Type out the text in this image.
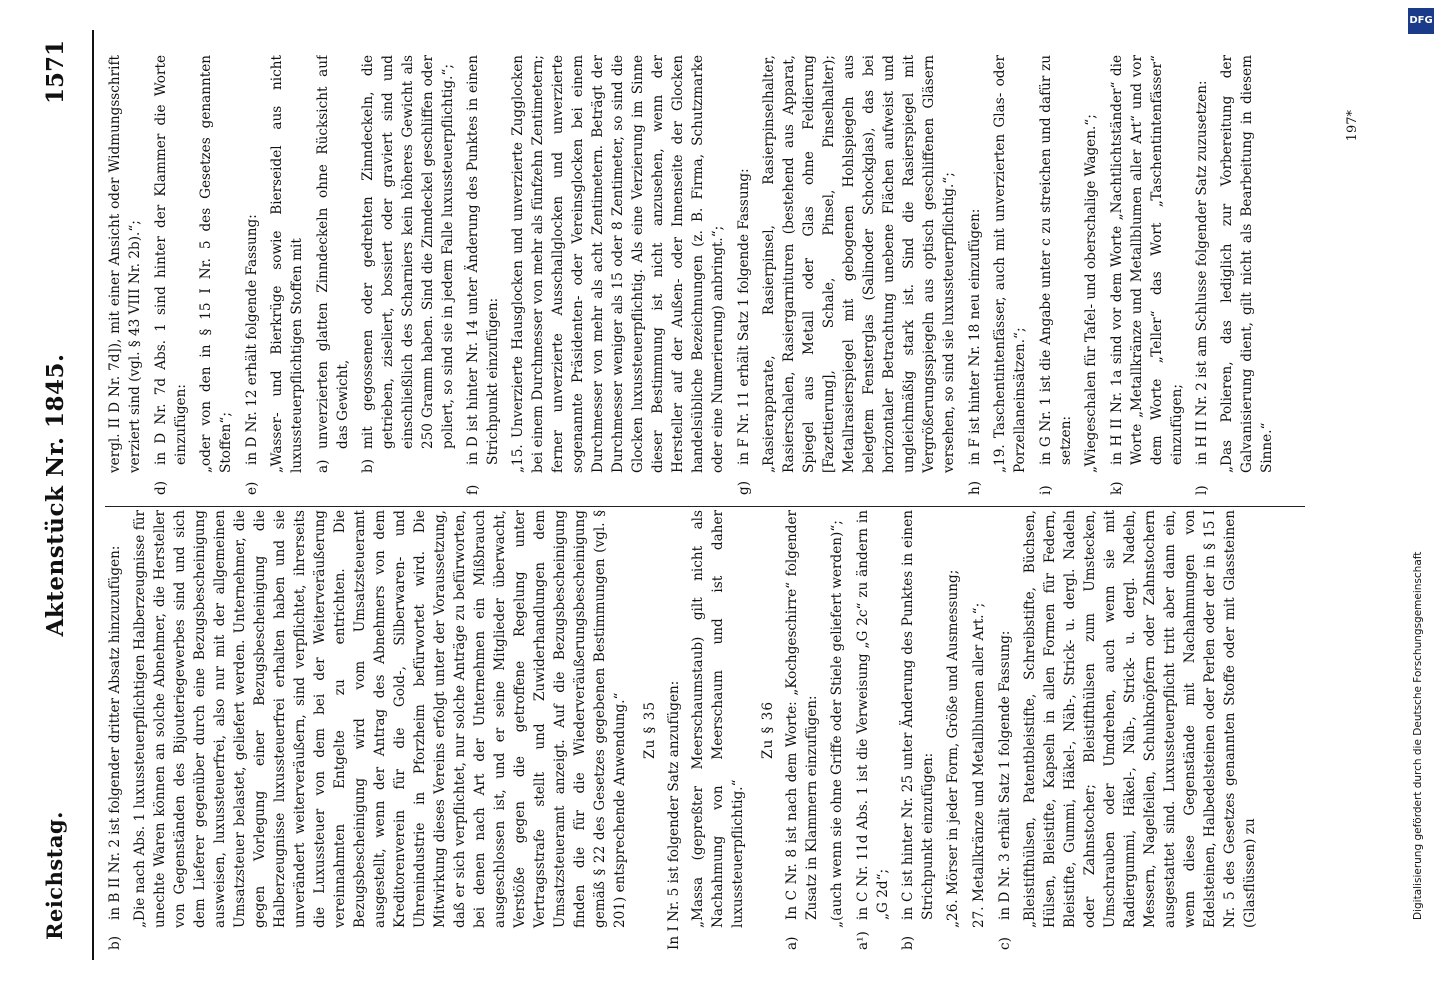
Reichstag.
Aktenstück Nr. 1845.
1571
b)
in B II Nr. 2 ist folgender dritter Absatz hinzuzufügen: „Die nach Abs. 1 luxussteuerpflichtigen Halberzeugnisse für unechte Waren können an solche Abnehmer, die Hersteller von Gegenständen des Bijouteriegewerbes sind und sich dem Lieferer gegenüber durch eine Bezugsbescheinigung ausweisen, luxussteuerfrei, also nur mit der allgemeinen Umsatzsteuer belastet, geliefert werden. Unternehmer, die gegen Vorlegung einer Bezugsbescheinigung die Halberzeugnisse luxussteuerfrei erhalten haben und sie unverändert weiterveräußern, sind verpflichtet, ihrerseits die Luxussteuer von dem bei der Weiterveräußerung vereinnahmten Entgelte zu entrichten. Die Bezugsbescheinigung wird vom Umsatzsteueramt ausgestellt, wenn der Antrag des Abnehmers von dem Kreditorenverein für die Gold-, Silberwaren- und Uhrenindustrie in Pforzheim befürwortet wird. Die Mitwirkung dieses Vereins erfolgt unter der Voraussetzung, daß er sich verpflichtet, nur solche Anträge zu befürworten, bei denen nach Art der Unternehmen ein Mißbrauch ausgeschlossen ist, und er seine Mitglieder überwacht, Verstöße gegen die getroffene Regelung unter Vertragsstrafe stellt und Zuwiderhandlungen dem Umsatzsteueramt anzeigt. Auf die Bezugsbescheinigung finden die für die Wiederveräußerungsbescheinigung gemäß § 22 des Gesetzes gegebenen Bestimmungen (vgl. § 201) entsprechende Anwendung.“ Zu § 35 In I Nr. 5 ist folgender Satz anzufügen: „Massa (gepreßter Meerschaumstaub) gilt nicht als Nachahmung von Meerschaum und ist daher luxussteuerpflichtig.“
Zu § 36
a)
In C Nr. 8 ist nach dem Worte: „Kochgeschirre“ folgender Zusatz in Klammern einzufügen: „(auch wenn sie ohne Griffe oder Stiele geliefert werden)“;
a¹)
in C Nr. 11d Abs. 1 ist die Verweisung „G 2c“ zu ändern in „G 2d“;
b)
in C ist hinter Nr. 25 unter Änderung des Punktes in einen Strichpunkt einzufügen: „26. Mörser in jeder Form, Größe und Ausmessung; 27. Metallkränze und Metallblumen aller Art.“;
c)
in D Nr. 3 erhält Satz 1 folgende Fassung: „Bleistifthülsen, Patentbleistifte, Schreibstifte, Büchsen, Hülsen, Bleistifte, Kapseln in allen Formen für Federn, Bleistifte, Gummi, Häkel-, Näh-, Strick- u. dergl. Nadeln oder Zahnstocher; Bleistifthülsen zum Umstecken, Umschrauben oder Umdrehen, auch wenn sie mit Radiergummi, Häkel-, Näh-, Strick- u. dergl. Nadeln, Messern, Nagelfeilen, Schuhknöpfern oder Zahnstochern ausgestattet sind. Luxussteuerpflicht tritt aber dann ein, wenn diese Gegenstände mit Nachahmungen von Edelsteinen, Halbedelsteinen oder Perlen oder der in § 15 I Nr. 5 des Gesetzes genannten Stoffe oder mit Glassteinen (Glasflüssen) zu
vergl. II D Nr. 7d]), mit einer Ansicht oder Widmungsschrift verziert sind (vgl. § 43 VIII Nr. 2b).“;
d)
in D Nr. 7d Abs. 1 sind hinter der Klammer die Worte einzufügen: „oder von den in § 15 I Nr. 5 des Gesetzes genannten Stoffen“;
e)
in D Nr. 12 erhält folgende Fassung: „Wasser- und Bierkrüge sowie Bierseidel aus nicht luxussteuerpflichtigen Stoffen mit a)
unverzierten glatten Zinndeckeln ohne Rücksicht auf das Gewicht,
b)
mit gegossenen oder gedrehten Zinndeckeln, die getrieben, ziseliert, bossiert oder graviert sind und einschließlich des Scharniers kein höheres Gewicht als 250 Gramm haben. Sind die Zinndeckel geschliffen oder poliert, so sind sie in jedem Falle luxussteuerpflichtig.“;
f)
in D ist hinter Nr. 14 unter Änderung des Punktes in einen Strichpunkt einzufügen: „15. Unverzierte Hausglocken und unverzierte Zugglocken bei einem Durchmesser von mehr als fünfzehn Zentimetern; ferner unverzierte Ausschallglocken und unverzierte sogenannte Präsidenten- oder Vereinsglocken bei einem Durchmesser von mehr als acht Zentimetern. Beträgt der Durchmesser weniger als 15 oder 8 Zentimeter, so sind die Glocken luxussteuerpflichtig. Als eine Verzierung im Sinne dieser Bestimmung ist nicht anzusehen, wenn der Hersteller auf der Außen- oder Innenseite der Glocken handelsübliche Bezeichnungen (z. B. Firma, Schutzmarke oder eine Numerierung) anbringt.“;
g)
in F Nr. 11 erhält Satz 1 folgende Fassung: „Rasierapparate, Rasierpinsel, Rasierpinselhalter, Rasierschalen, Rasiergarnituren (bestehend aus Apparat, Spiegel aus Metall oder Glas ohne Feldierung [Fazettierung], Schale, Pinsel, Pinselhalter); Metallrasierspiegel mit gebogenen Hohlspiegeln aus belegtem Fensterglas (Salinoder Schockglas), das bei horizontaler Betrachtung unebene Flächen aufweist und ungleichmäßig stark ist. Sind die Rasierspiegel mit Vergrößerungsspiegeln aus optisch geschliffenen Gläsern versehen, so sind sie luxussteuerpflichtig.“;
h)
in F ist hinter Nr. 18 neu einzufügen: „19. Taschentintenfässer, auch mit unverzierten Glas- oder Porzellaneinsätzen.“;
i)
in G Nr. 1 ist die Angabe unter c zu streichen und dafür zu setzen: „Wiegeschalen für Tafel- und oberschalige Wagen.“;
k)
in H II Nr. 1a sind vor dem Worte „Nachtlichtständer“ die Worte „Metallkränze und Metallblumen aller Art“ und vor dem Worte „Teller“ das Wort „Taschentintenfässer“ einzufügen;
l)
in H II Nr. 2 ist am Schlusse folgender Satz zuzusetzen: „Das Polieren, das lediglich zur Vorbereitung der Galvanisierung dient, gilt nicht als Bearbeitung in diesem Sinne.“
197*
DFG
Digitalisierung gefördert durch die Deutsche Forschungsgemeinschaft
